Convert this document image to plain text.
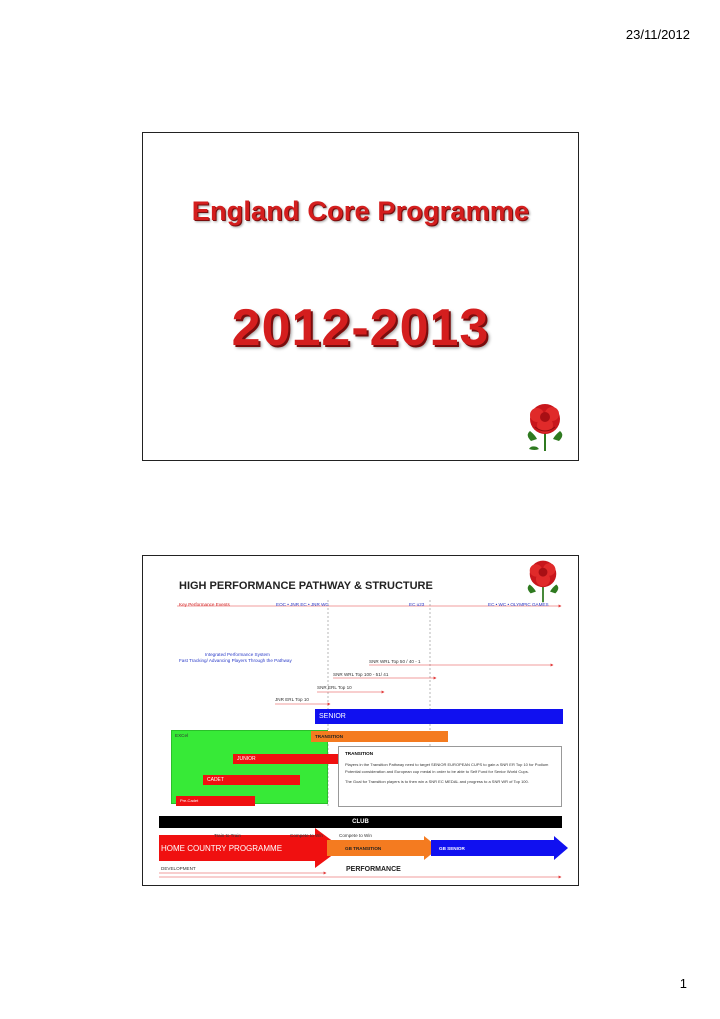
23/11/2012
England Core Programme
2012-2013
HIGH PERFORMANCE PATHWAY & STRUCTURE
Key Performance Events	EOC • JNR EC • JNR WC	EC u23	EC • WC • OLYMPIC GAMES
Integrated Performance System
Fast Tracking/ Advancing Players Through the Pathway	SNR WRL Top 50 / 40 - 1
SNR WRL Top 100 - 51/ 41
SNR ERL Top 10
JNR ERL Top 10
EXCel
SENIOR
TRANSITION
JUNIOR
CADET
Pre-Cadet
TRANSITION
Players in the Transition Pathway need to target SENIOR EUROPEAN CUPS to gain a SNR ER Top 10 for Podium Potential consideration and European cup medal in order to be able to Self Fund for Senior World Cups.
The Goal for Transition players is to then win a SNR EC MEDAL and progress to a SNR WR of Top 100.
CLUB
Train to Train	Compete to Win	Compete to Win
HOME COUNTRY PROGRAMME	GB TRANSITION	GB SENIOR
DEVELOPMENT	PERFORMANCE
1
